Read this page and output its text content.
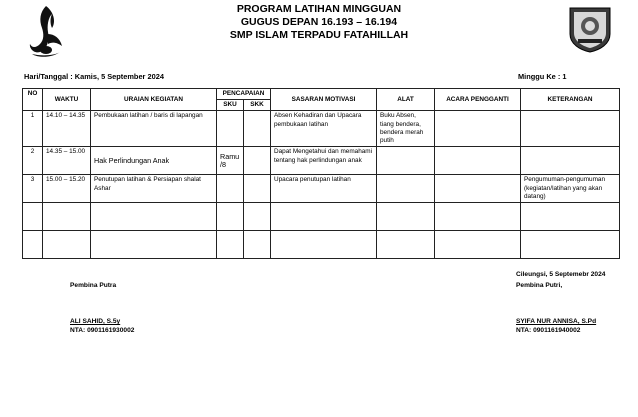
PROGRAM LATIHAN MINGGUAN
GUGUS DEPAN 16.193 – 16.194
SMP ISLAM TERPADU FATAHILLAH
Hari/Tanggal : Kamis, 5 September 2024	Minggu Ke : 1
NO	WAKTU	URAIAN KEGIATAN	PENCAPAIAN		SASARAN MOTIVASI	ALAT	ACARA PENGGANTI	KETERANGAN
			SKU	SKK				
1	14.10 – 14.35	Pembukaan latihan / baris di lapangan			Absen Kehadiran dan Upacara pembukaan latihan	Buku Absen, tiang bendera, bendera merah putih		
2	14.35 – 15.00	Hak Perlindungan Anak	Ramu /8		Dapat Mengetahui dan memahami tentang hak perlindungan anak			
3	15.00 – 15.20	Penutupan latihan & Persiapan shalat Ashar			Upacara penutupan latihan			Pengumuman-pengumuman (kegiatan/latihan yang akan datang)

Cileungsi, 5 Septemebr 2024
Pembina Putra	Pembina Putri,
ALI SAHID, S.5y
NTA: 0901161930002
SYIFA NUR ANNISA, S.Pd
NTA: 0901161940002
